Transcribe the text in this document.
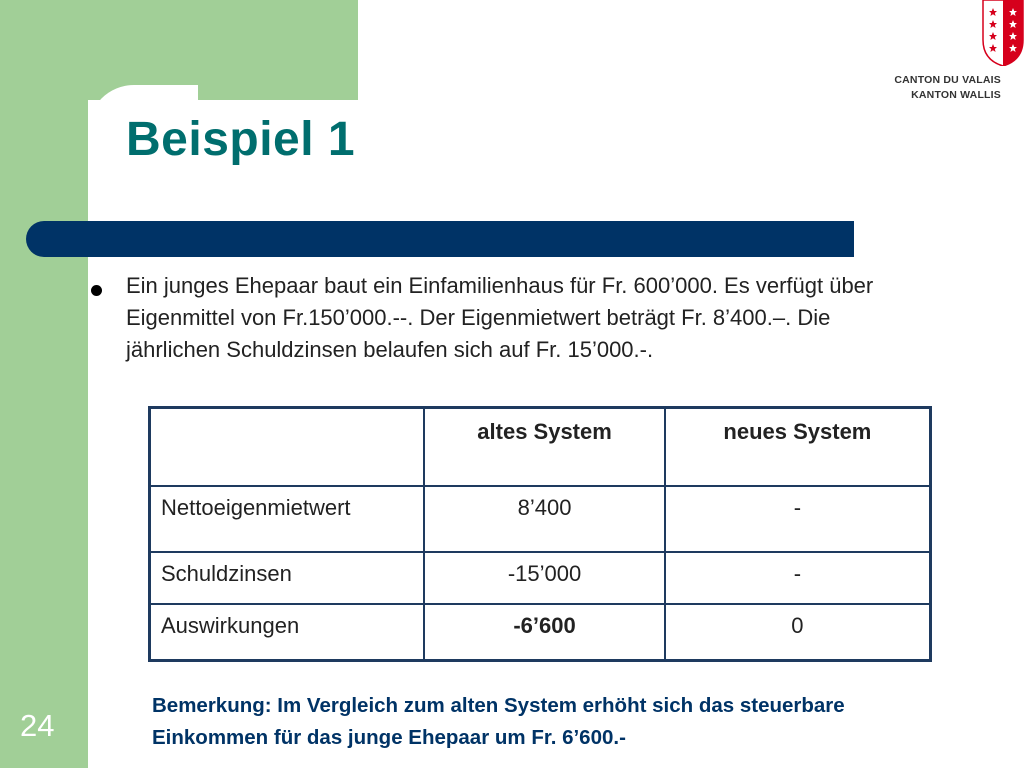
24
Beispiel 1
CANTON DU VALAIS
KANTON WALLIS

Ein junges Ehepaar baut ein Einfamilienhaus für Fr. 600’000. Es verfügt über Eigenmittel von Fr.150’000.--. Der Eigenmietwert beträgt Fr. 8’400.–. Die jährlichen Schuldzinsen belaufen sich auf Fr. 15’000.-.

	altes System	neues System
Nettoeigenmietwert	8’400	-
Schuldzinsen	-15’000	-
Auswirkungen	-6’600	0

Bemerkung: Im Vergleich zum alten System erhöht sich das steuerbare Einkommen für das junge Ehepaar um Fr. 6’600.-
